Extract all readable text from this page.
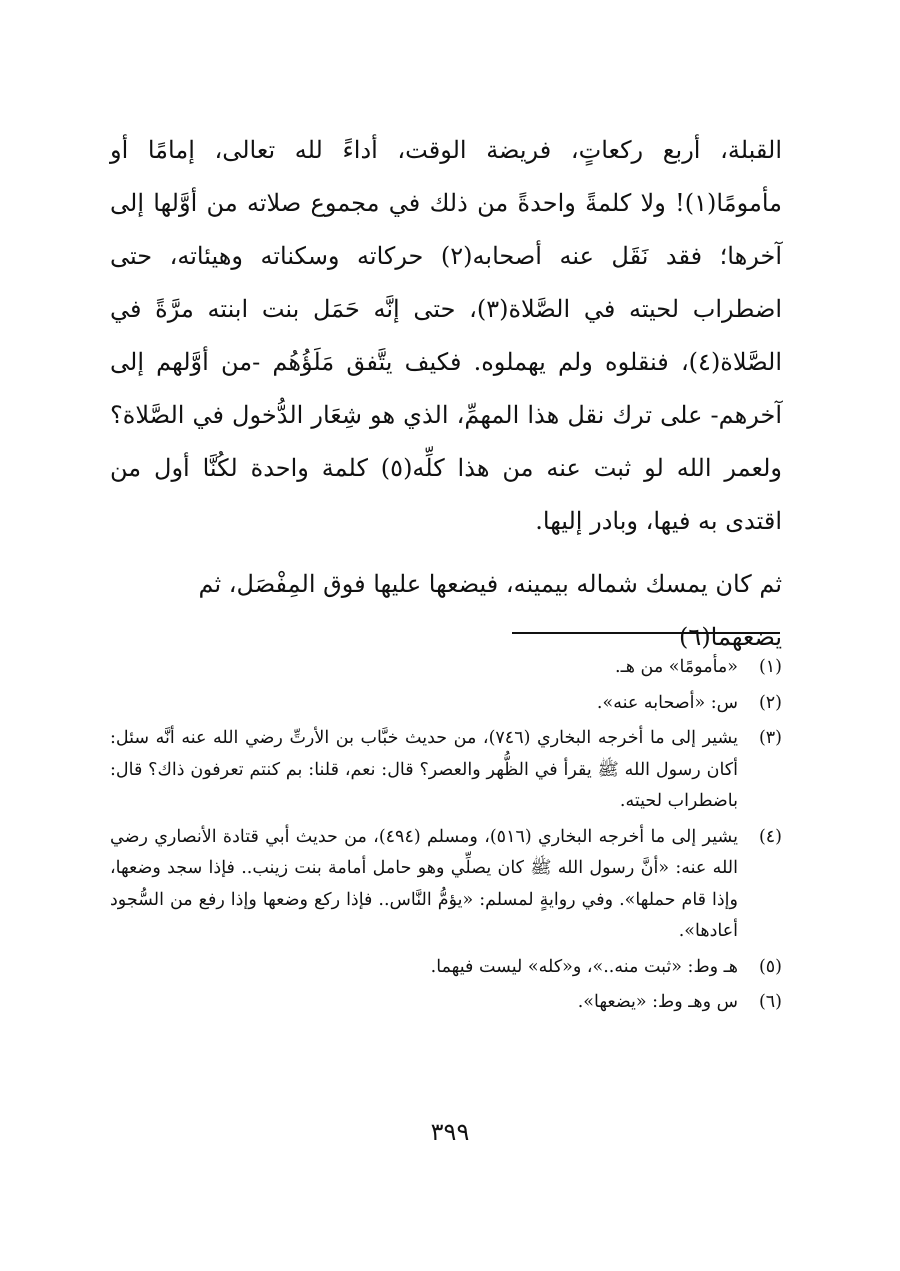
القبلة، أربع ركعاتٍ، فريضة الوقت، أداءً لله تعالى، إمامًا أو مأمومًا(١)! ولا كلمةً واحدةً من ذلك في مجموع صلاته من أوَّلها إلى آخرها؛ فقد نَقَل عنه أصحابه(٢) حركاته وسكناته وهيئاته، حتى اضطراب لحيته في الصَّلاة(٣)، حتى إنَّه حَمَل بنت ابنته مرَّةً في الصَّلاة(٤)، فنقلوه ولم يهملوه. فكيف يتَّفق مَلَؤُهُم -من أوَّلهم إلى آخرهم- على ترك نقل هذا المهمِّ، الذي هو شِعَار الدُّخول في الصَّلاة؟ ولعمر الله لو ثبت عنه من هذا كلِّه(٥) كلمة واحدة لكُنَّا أول من اقتدى به فيها، وبادر إليها.

ثم كان يمسك شماله بيمينه، فيضعها عليها فوق المِفْصَل، ثم يضعهما(٦)

(١)
«مأمومًا» من هـ.
(٢)
س: «أصحابه عنه».
(٣)
يشير إلى ما أخرجه البخاري (٧٤٦)، من حديث خبَّاب بن الأرتِّ رضي الله عنه أنَّه سئل: أكان رسول الله ﷺ يقرأ في الظُّهر والعصر؟ قال: نعم، قلنا: بم كنتم تعرفون ذاك؟ قال: باضطراب لحيته.
(٤)
يشير إلى ما أخرجه البخاري (٥١٦)، ومسلم (٤٩٤)، من حديث أبي قتادة الأنصاري رضي الله عنه: «أنَّ رسول الله ﷺ كان يصلِّي وهو حامل أمامة بنت زينب.. فإذا سجد وضعها، وإذا قام حملها». وفي روايةٍ لمسلم: «يؤمُّ النَّاس.. فإذا ركع وضعها وإذا رفع من السُّجود أعادها».
(٥)
هـ وط: «ثبت منه..»، و«كله» ليست فيهما.
(٦)
س وهـ وط: «يضعها».
٣٩٩
